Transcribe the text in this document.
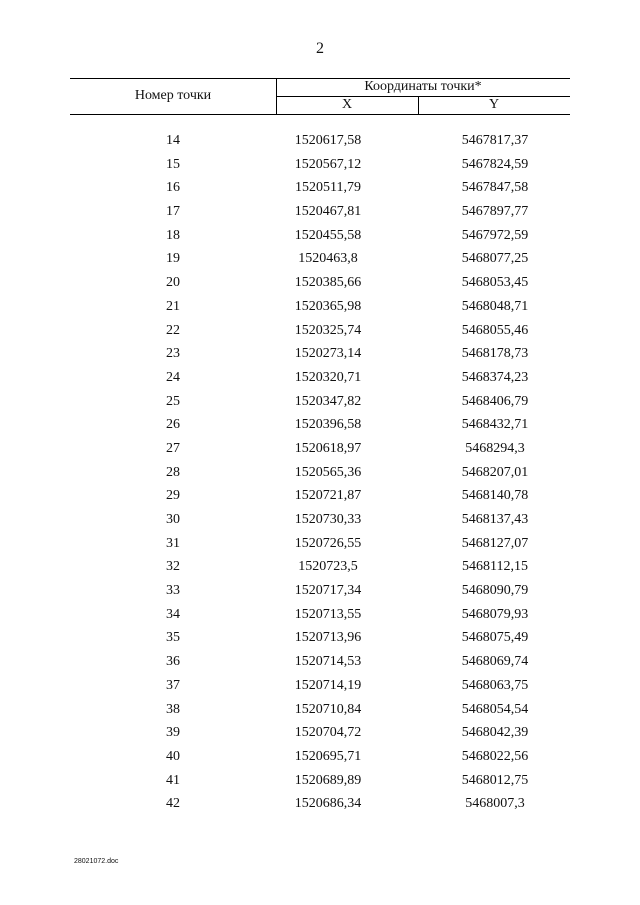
2
Номер точки
Координаты точки*
X	Y
14	1520617,58	5467817,37
15	1520567,12	5467824,59
16	1520511,79	5467847,58
17	1520467,81	5467897,77
18	1520455,58	5467972,59
19	1520463,8	5468077,25
20	1520385,66	5468053,45
21	1520365,98	5468048,71
22	1520325,74	5468055,46
23	1520273,14	5468178,73
24	1520320,71	5468374,23
25	1520347,82	5468406,79
26	1520396,58	5468432,71
27	1520618,97	5468294,3
28	1520565,36	5468207,01
29	1520721,87	5468140,78
30	1520730,33	5468137,43
31	1520726,55	5468127,07
32	1520723,5	5468112,15
33	1520717,34	5468090,79
34	1520713,55	5468079,93
35	1520713,96	5468075,49
36	1520714,53	5468069,74
37	1520714,19	5468063,75
38	1520710,84	5468054,54
39	1520704,72	5468042,39
40	1520695,71	5468022,56
41	1520689,89	5468012,75
42	1520686,34	5468007,3
28021072.doc
